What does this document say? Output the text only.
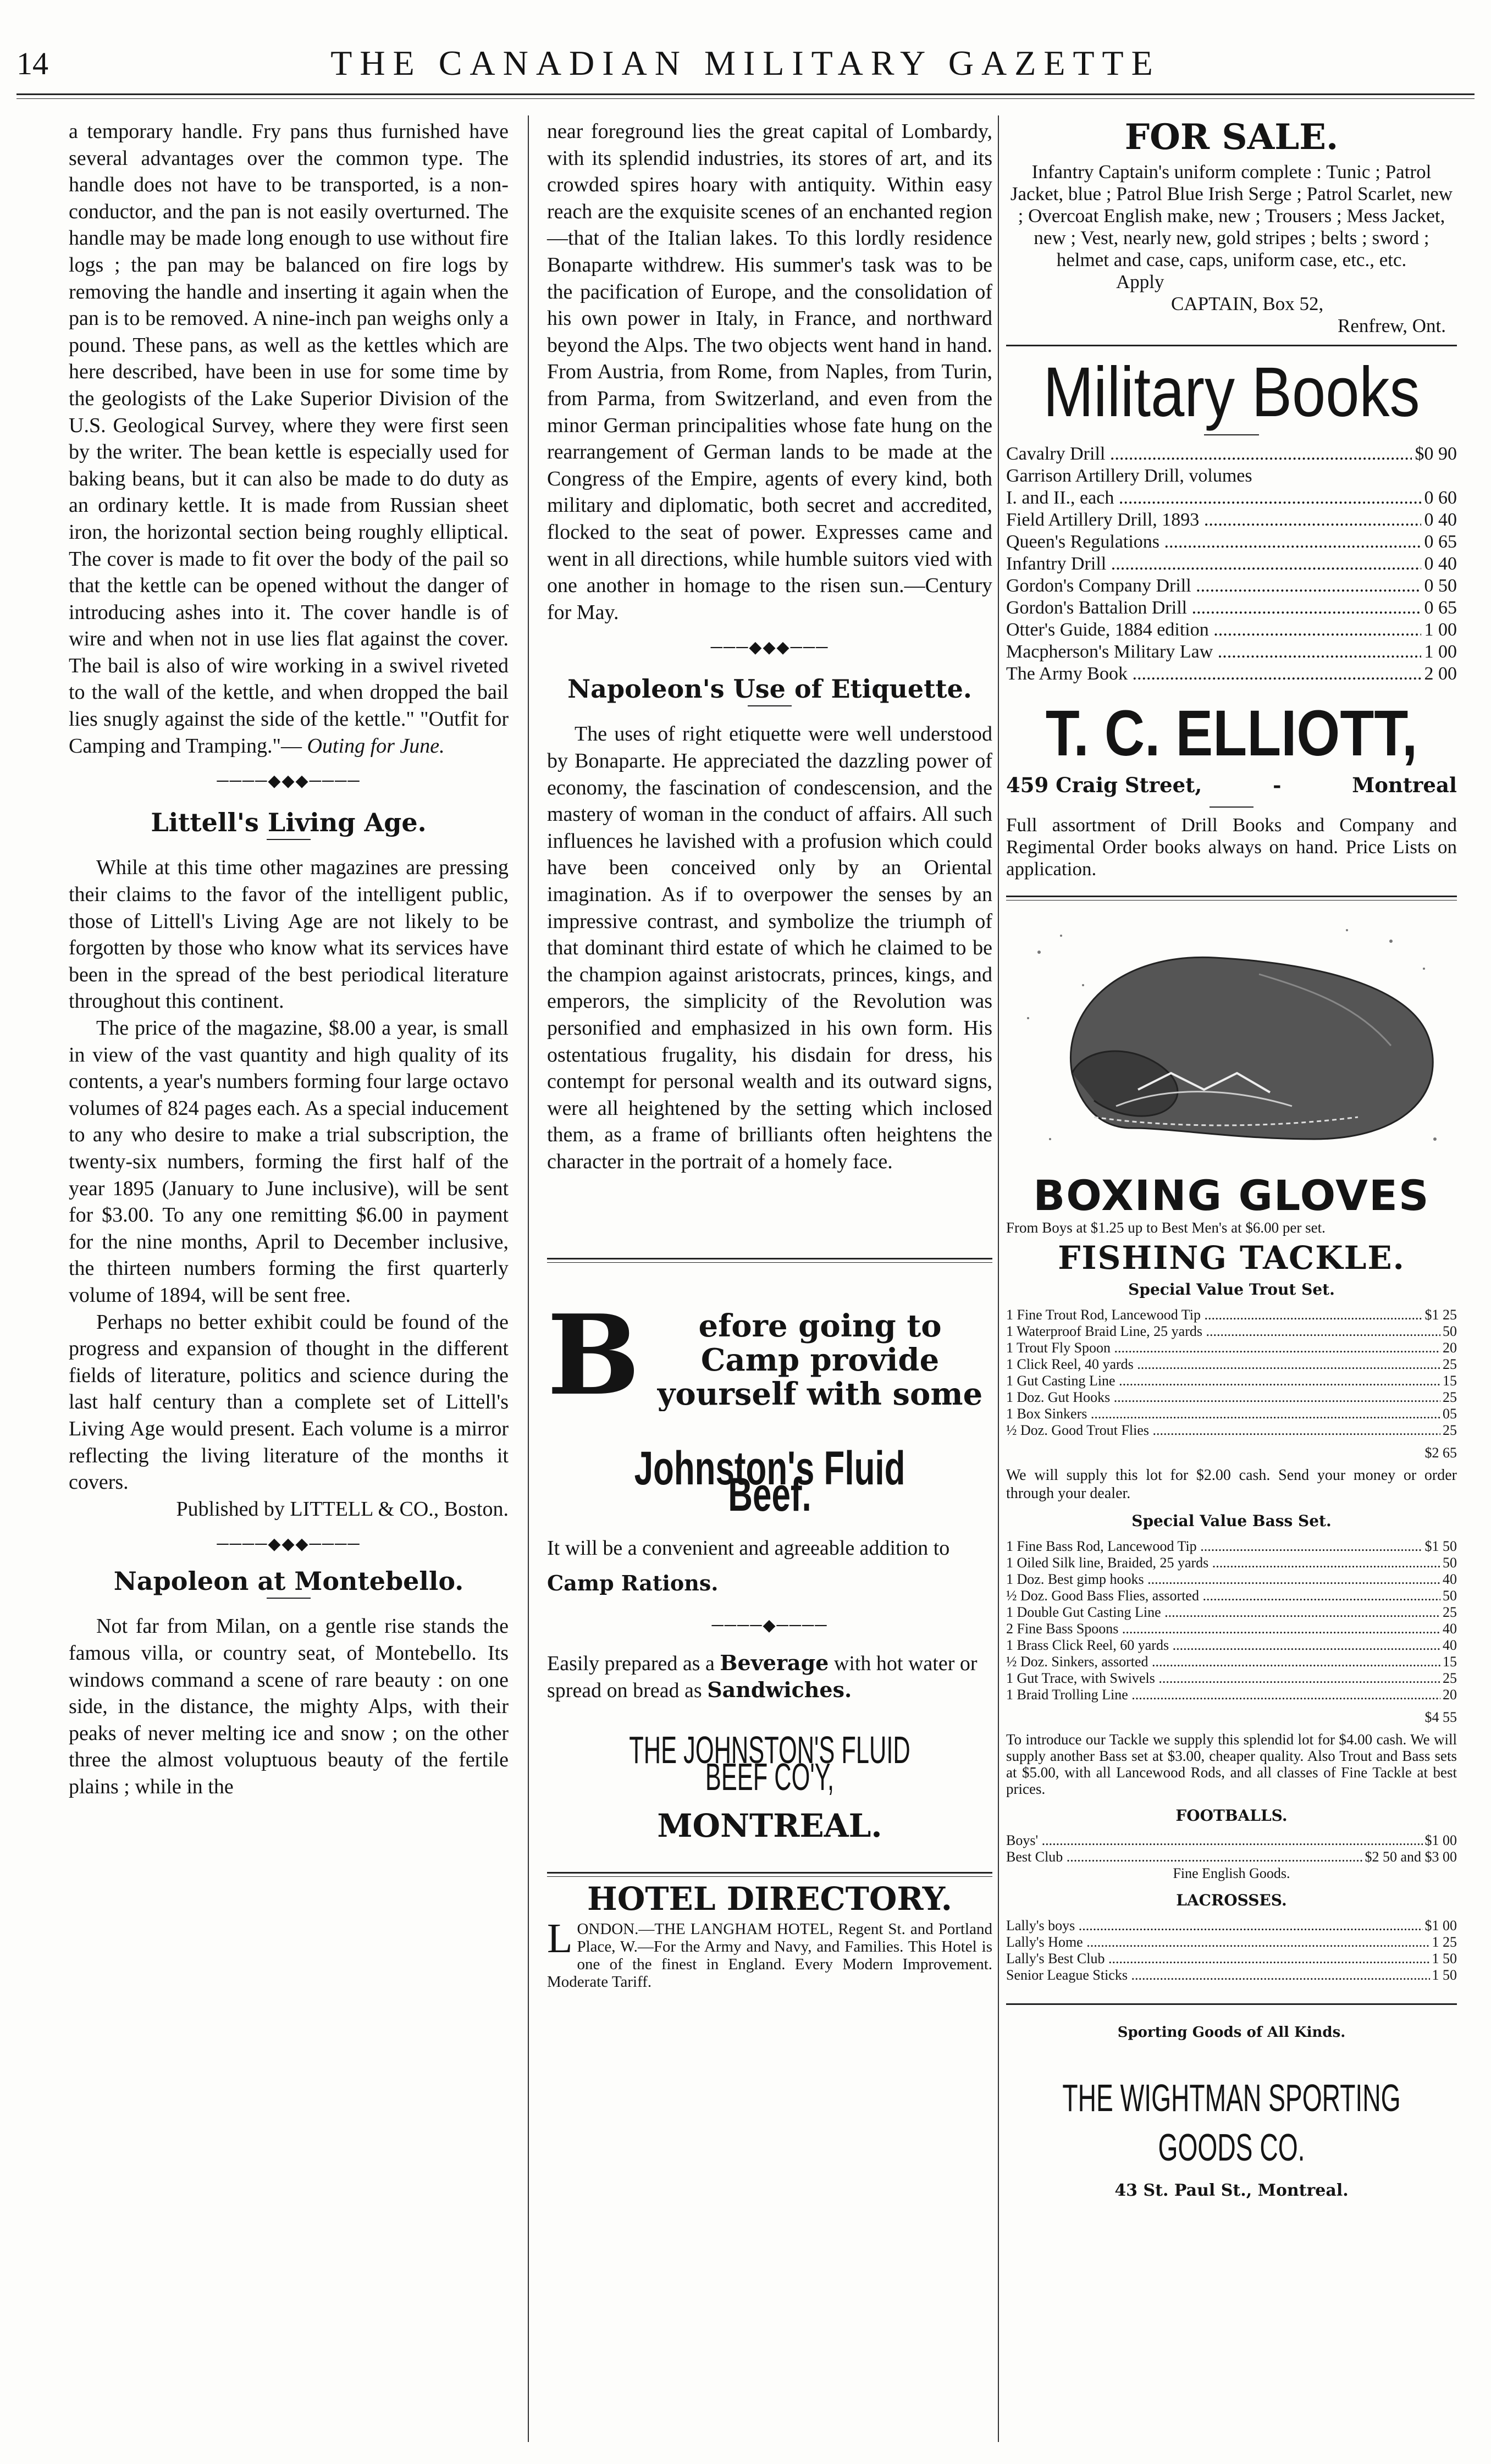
14	THE CANADIAN MILITARY GAZETTE

a temporary handle. Fry pans thus furnished have several advantages over the common type. The handle does not have to be transported, is a non-conductor, and the pan is not easily overturned. The handle may be made long enough to use without fire logs ; the pan may be balanced on fire logs by removing the handle and inserting it again when the pan is to be removed. A nine-inch pan weighs only a pound. These pans, as well as the kettles which are here described, have been in use for some time by the geologists of the Lake Superior Division of the U.S. Geological Survey, where they were first seen by the writer. The bean kettle is especially used for baking beans, but it can also be made to do duty as an ordinary kettle. It is made from Russian sheet iron, the horizontal section being roughly elliptical. The cover is made to fit over the body of the pail so that the kettle can be opened without the danger of introducing ashes into it. The cover handle is of wire and when not in use lies flat against the cover. The bail is also of wire working in a swivel riveted to the wall of the kettle, and when dropped the bail lies snugly against the side of the kettle." "Outfit for Camping and Tramping."— Outing for June.

────◆◆◆────
Littell's Living Age.

While at this time other magazines are pressing their claims to the favor of the intelligent public, those of Littell's Living Age are not likely to be forgotten by those who know what its services have been in the spread of the best periodical literature throughout this continent.

The price of the magazine, $8.00 a year, is small in view of the vast quantity and high quality of its contents, a year's numbers forming four large octavo volumes of 824 pages each. As a special inducement to any who desire to make a trial subscription, the twenty-six numbers, forming the first half of the year 1895 (January to June inclusive), will be sent for $3.00. To any one remitting $6.00 in payment for the nine months, April to December inclusive, the thirteen numbers forming the first quarterly volume of 1894, will be sent free.

Perhaps no better exhibit could be found of the progress and expansion of thought in the different fields of literature, politics and science during the last half century than a complete set of Littell's Living Age would present. Each volume is a mirror reflecting the living literature of the months it covers.

Published by LITTELL & CO., Boston.

────◆◆◆────
Napoleon at Montebello.

Not far from Milan, on a gentle rise stands the famous villa, or country seat, of Montebello. Its windows command a scene of rare beauty : on one side, in the distance, the mighty Alps, with their peaks of never melting ice and snow ; on the other three the almost voluptuous beauty of the fertile plains ; while in the

near foreground lies the great capital of Lombardy, with its splendid industries, its stores of art, and its crowded spires hoary with antiquity. Within easy reach are the exquisite scenes of an enchanted region—that of the Italian lakes. To this lordly residence Bonaparte withdrew. His summer's task was to be the pacification of Europe, and the consolidation of his own power in Italy, in France, and northward beyond the Alps. The two objects went hand in hand. From Austria, from Rome, from Naples, from Turin, from Parma, from Switzerland, and even from the minor German principalities whose fate hung on the rearrangement of German lands to be made at the Congress of the Empire, agents of every kind, both military and diplomatic, both secret and accredited, flocked to the seat of power. Expresses came and went in all directions, while humble suitors vied with one another in homage to the risen sun.—Century for May.

───◆◆◆───
Napoleon's Use of Etiquette.

The uses of right etiquette were well understood by Bonaparte. He appreciated the dazzling power of economy, the fascination of condescension, and the mastery of woman in the conduct of affairs. All such influences he lavished with a profusion which could have been conceived only by an Oriental imagination. As if to overpower the senses by an impressive contrast, and symbolize the triumph of that dominant third estate of which he claimed to be the champion against aristocrats, princes, kings, and emperors, the simplicity of the Revolution was personified and emphasized in his own form. His ostentatious frugality, his disdain for dress, his contempt for personal wealth and its outward signs, were all heightened by the setting which inclosed them, as a frame of brilliants often heightens the character in the portrait of a homely face.

B	efore going to Camp provide yourself with some
Johnston's Fluid Beef.
It will be a convenient and agreeable addition to Camp Rations.
────◆────
Easily prepared as a Beverage with hot water or spread on bread as Sandwiches.
THE JOHNSTON'S FLUID BEEF CO'Y,
MONTREAL.
HOTEL DIRECTORY.
LONDON.—THE LANGHAM HOTEL, Regent St. and Portland Place, W.—For the Army and Navy, and Families. This Hotel is one of the finest in England. Every Modern Improvement. Moderate Tariff.
FOR SALE.
Infantry Captain's uniform complete : Tunic ; Patrol Jacket, blue ; Patrol Blue Irish Serge ; Patrol Scarlet, new ; Overcoat English make, new ; Trousers ; Mess Jacket, new ; Vest, nearly new, gold stripes ; belts ; sword ; helmet and case, caps, uniform case, etc., etc.
Apply
CAPTAIN, Box 52,
Renfrew, Ont.
Military Books
Cavalry Drill .....	$0 90
Garrison Artillery Drill, volumes
I. and II., each .....	0 60
Field Artillery Drill, 1893 .....	0 40
Queen's Regulations .....	0 65
Infantry Drill .....	0 40
Gordon's Company Drill .....	0 50
Gordon's Battalion Drill .....	0 65
Otter's Guide, 1884 edition .....	1 00
Macpherson's Military Law .....	1 00
The Army Book .....	2 00
T. C. ELLIOTT,
459 Craig Street,	-	Montreal
Full assortment of Drill Books and Company and Regimental Order books always on hand. Price Lists on application.
BOXING GLOVES
From Boys at $1.25 up to Best Men's at $6.00 per set.
FISHING TACKLE.
Special Value Trout Set.
1 Fine Trout Rod, Lancewood Tip .....	$1 25
1 Waterproof Braid Line, 25 yards .....	50
1 Trout Fly Spoon .....	20
1 Click Reel, 40 yards .....	25
1 Gut Casting Line .....	15
1 Doz. Gut Hooks .....	25
1 Box Sinkers .....	05
½ Doz. Good Trout Flies .....	25
$2 65
We will supply this lot for $2.00 cash. Send your money or order through your dealer.
Special Value Bass Set.
1 Fine Bass Rod, Lancewood Tip .....	$1 50
1 Oiled Silk line, Braided, 25 yards .....	50
1 Doz. Best gimp hooks .....	40
½ Doz. Good Bass Flies, assorted .....	50
1 Double Gut Casting Line .....	25
2 Fine Bass Spoons .....	40
1 Brass Click Reel, 60 yards .....	40
½ Doz. Sinkers, assorted .....	15
1 Gut Trace, with Swivels .....	25
1 Braid Trolling Line .....	20
$4 55
To introduce our Tackle we supply this splendid lot for $4.00 cash. We will supply another Bass set at $3.00, cheaper quality. Also Trout and Bass sets at $5.00, with all Lancewood Rods, and all classes of Fine Tackle at best prices.
FOOTBALLS.
Boys' .....	$1 00
Best Club .....	$2 50 and $3 00
Fine English Goods.
LACROSSES.
Lally's boys .....	$1 00
Lally's Home .....	1 25
Lally's Best Club .....	1 50
Senior League Sticks .....	1 50
Sporting Goods of All Kinds.
THE WIGHTMAN SPORTING GOODS CO.
43 St. Paul St., Montreal.
